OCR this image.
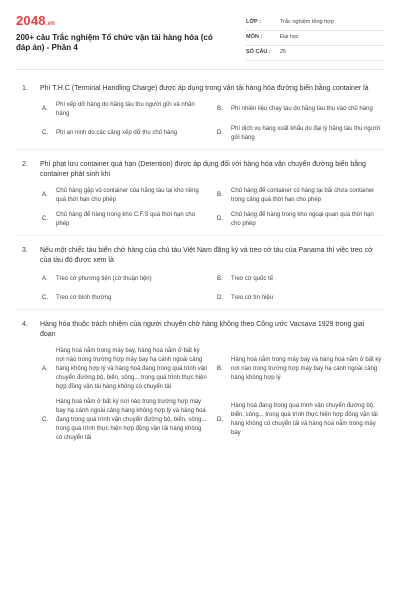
2048.vn
200+ câu Trắc nghiệm Tổ chức vận tải hàng hóa (có đáp án) - Phần 4
LỚP :	Trắc nghiệm tổng hợp
MÔN :	Đại học
SỐ CÂU :	25
1.	Phí T.H.C (Terminal Handling Charge) được áp dụng trong vận tải hàng hóa đường biển bằng container là
A.
Phí xếp dỡ hàng do hãng tàu thu người gửi và nhận hàng
B.	Phí nhiên liệu chạy tàu do hãng tàu thu vào chủ hàng
C.	Phí an ninh do các cảng xếp dỡ thu chủ hàng	D.
Phí dịch vụ hàng xuất khẩu do đại lý hãng tàu thu người gửi hàng
2.	Phí phạt lưu container quá hạn (Detention) được áp dụng đối với hàng hóa vận chuyển đường biển bằng container phát sinh khi
A.
Chủ hàng gặp vỏ container của hãng tàu tại kho riêng quá thời hạn cho phép
B.
Chủ hàng để container có hàng tại bãi chứa container trong cảng quá thời hạn cho phép
C.
Chủ hàng để hàng trong kho C.F.S quá thời hạn cho phép
D.
Chủ hàng để hàng trong kho ngoại quan quá thời hạn cho phép
3.	Nếu một chiếc tàu biển chở hàng của chủ tàu Việt Nam đăng ký và treo cờ tàu của Panama thì việc treo cờ của tàu đó được xem là
A.	Treo cờ phương tiện (cờ thuận tiện)	B.	Treo cờ quốc tế
C.	Treo cờ bình thường	D.	Treo cờ tín hiệu
4.	Hàng hóa thuộc trách nhiệm của người chuyên chở hàng không theo Công ước Vacsava 1929 trong giai đoạn
A.
Hàng hoá nằm trong máy bay, hàng hoá nằm ở bất kỳ nơi nào trong trường hợp máy bay hạ cánh ngoài cảng hàng không hợp lý và hàng hoá đang trong quá trình vận chuyển đường bộ, biển, sông... trong quá trình thực hiện hợp đồng vận tải hàng không có chuyển tải
B.
Hàng hoá nằm trong máy bay và hàng hoá nằm ở bất kỳ nơi nào trong trường hợp máy bay hạ cánh ngoài cảng hàng không hợp lý
C.
Hàng hoá nằm ở bất kỳ nơi nào trong trường hợp máy bay hạ cánh ngoài cảng hàng không hợp lý và hàng hoá đang trong quá trình vận chuyển đường bộ, biển, sông... trong quá trình thực hiện hợp đồng vận tải hàng không có chuyển tải
D.
Hàng hoá đang trong quá trình vận chuyển đường bộ, biển, sông... trong quá trình thực hiện hợp đồng vận tải hàng không có chuyển tải và hàng hoá nằm trong máy bay
